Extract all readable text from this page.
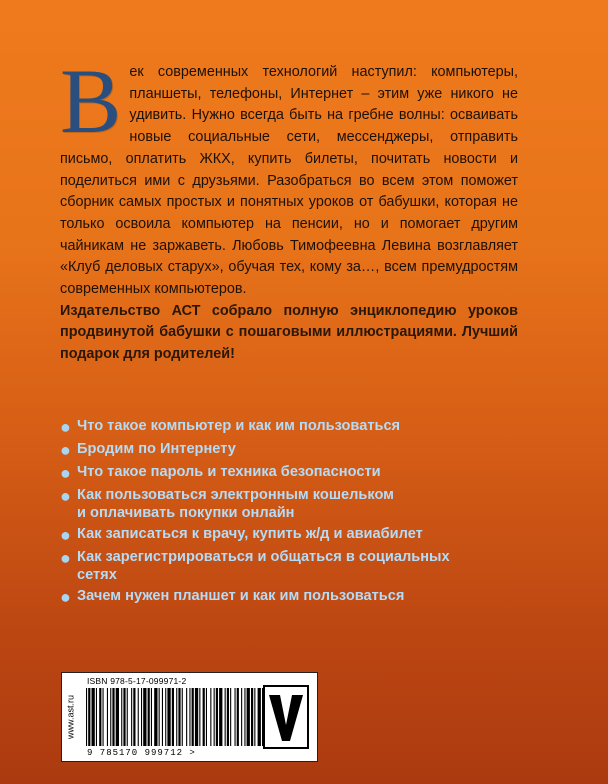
Век современных технологий наступил: компьютеры, планшеты, телефоны, Интернет – этим уже никого не удивить. Нужно всегда быть на гребне волны: осваивать новые социальные сети, мессенджеры, отправить письмо, оплатить ЖКХ, купить билеты, почитать новости и поделиться ими с друзьями. Разобраться во всем этом поможет сборник самых простых и понятных уроков от бабушки, которая не только освоила компьютер на пенсии, но и помогает другим чайникам не заржаветь. Любовь Тимофеевна Левина возглавляет «Клуб деловых старух», обучая тех, кому за…, всем премудростям современных компьютеров.

Издательство АСТ собрало полную энциклопедию уроков продвинутой бабушки с пошаговыми иллюстрациями. Лучший подарок для родителей!

● Что такое компьютер и как им пользоваться
● Бродим по Интернету
● Что такое пароль и техника безопасности
● Как пользоваться электронным кошельком
и оплачивать покупки онлайн
● Как записаться к врачу, купить ж/д и авиабилет
● Как зарегистрироваться и общаться в социальных
сетях
● Зачем нужен планшет и как им пользоваться
www.ast.ru
ISBN 978-5-17-099971-2
9 785170 999712 >
